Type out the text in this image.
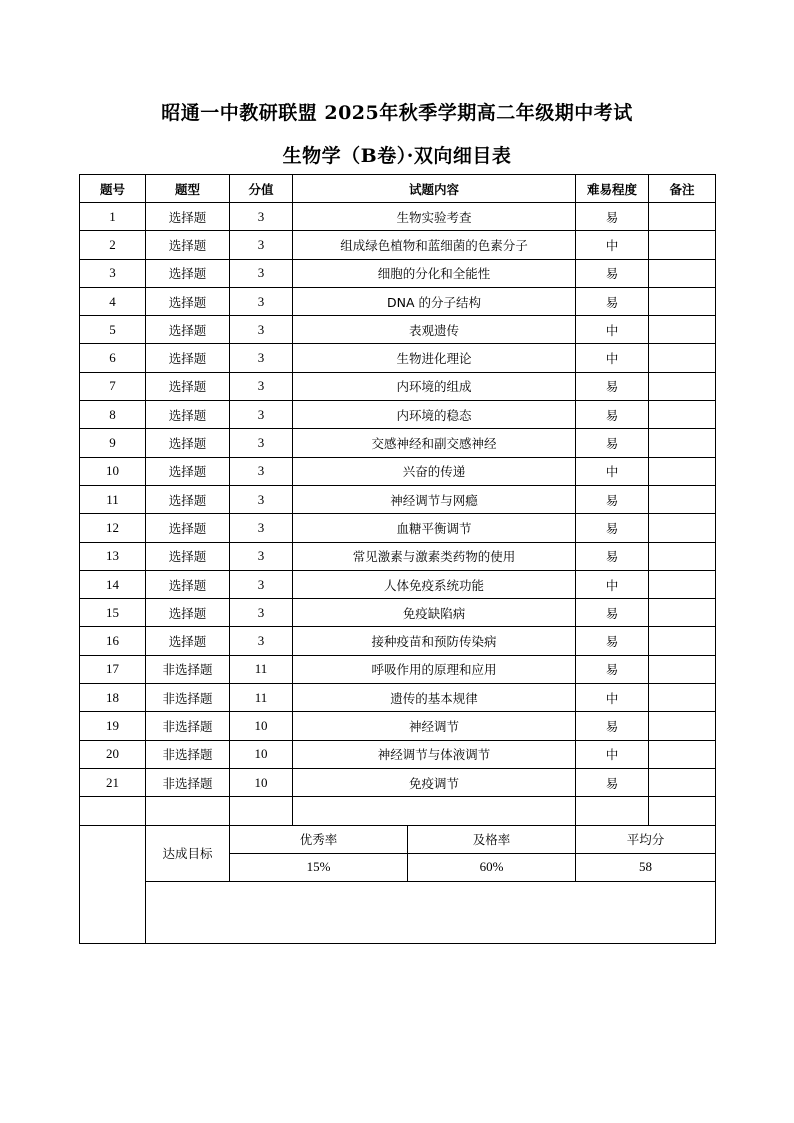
昭通一中教研联盟 2025年秋季学期高二年级期中考试
生物学（B卷）·双向细目表
题号	题型	分值	试题内容		难易程度	备注
1	选择题	3	生物实验考查		易	
2	选择题	3	组成绿色植物和蓝细菌的色素分子		中	
3	选择题	3	细胞的分化和全能性		易	
4	选择题	3	DNA 的分子结构		易	
5	选择题	3	表观遗传		中	
6	选择题	3	生物进化理论		中	
7	选择题	3	内环境的组成		易	
8	选择题	3	内环境的稳态		易	
9	选择题	3	交感神经和副交感神经		易	
10	选择题	3	兴奋的传递		中	
11	选择题	3	神经调节与网瘾		易	
12	选择题	3	血糖平衡调节		易	
13	选择题	3	常见激素与激素类药物的使用		易	
14	选择题	3	人体免疫系统功能		中	
15	选择题	3	免疫缺陷病		易	
16	选择题	3	接种疫苗和预防传染病		易	
17	非选择题	11	呼吸作用的原理和应用		易	
18	非选择题	11	遗传的基本规律		中	
19	非选择题	10	神经调节		易	
20	非选择题	10	神经调节与体液调节		中	
21	非选择题	10	免疫调节		易	

	达成目标	优秀率		及格率	平均分	
		15%		60%	58	
